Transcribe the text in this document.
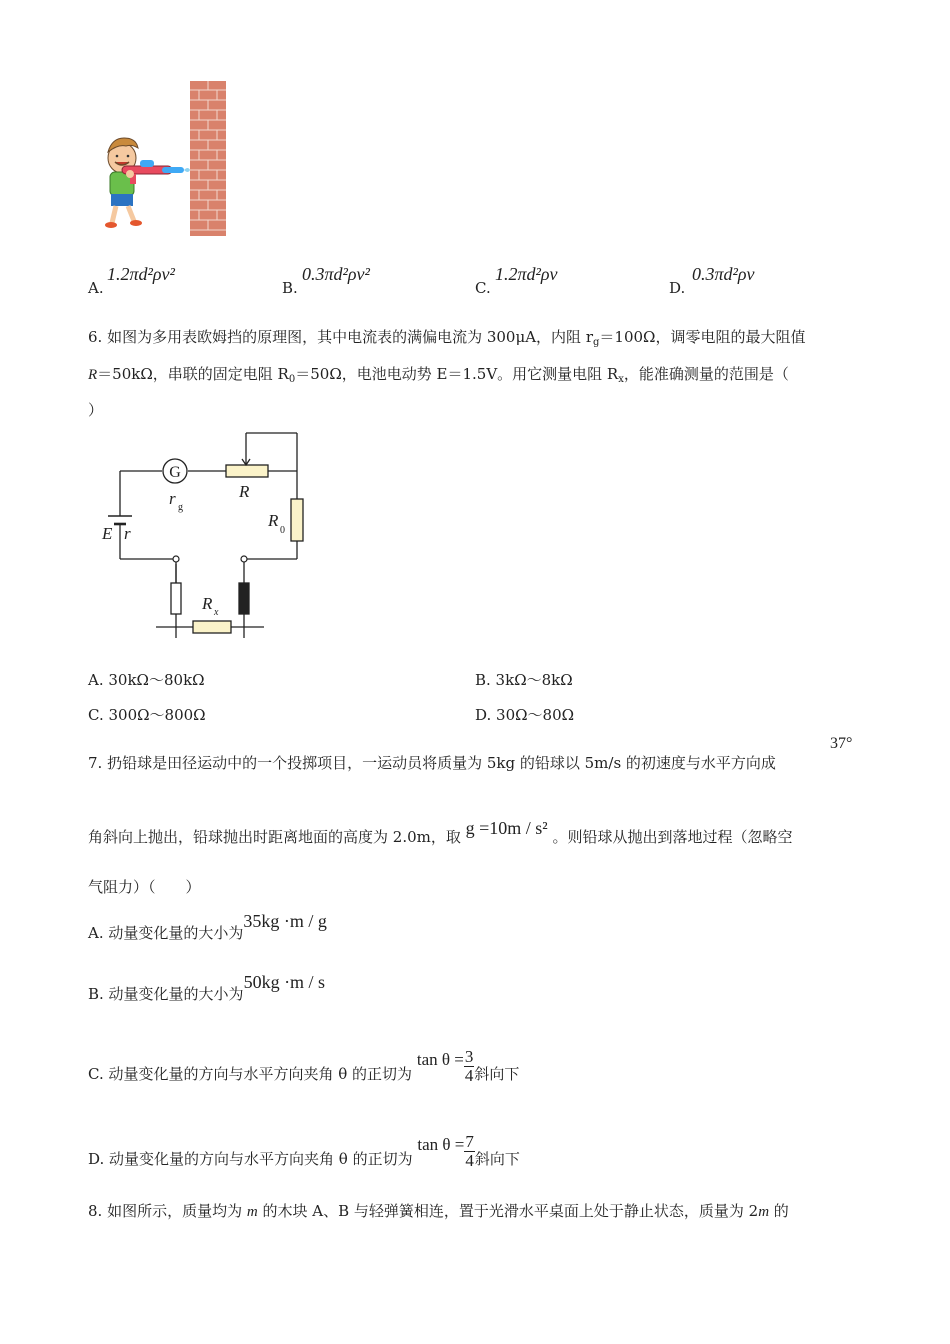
A.
1.2πd²ρv²
B.
0.3πd²ρv²
C.
1.2πd²ρv
D.
0.3πd²ρv
6. 如图为多用表欧姆挡的原理图，其中电流表的满偏电流为 300μA，内阻 $r_g=100\Omega$，调零电阻的最大阻值
R＝50kΩ，串联的固定电阻 $R_0=50\Omega$，电池电动势 E＝1.5V。用它测量电阻 $R_x$，能准确测量的范围是（
）
G
r g
R
R
0
E r
R x
A. 30kΩ～80kΩ	B. 3kΩ～8kΩ
C. 300Ω～800Ω	D. 30Ω～80Ω
7. 扔铅球是田径运动中的一个投掷项目，一运动员将质量为 5kg 的铅球以 5m/s 的初速度与水平方向成
37°
角斜向上抛出，铅球抛出时距离地面的高度为 2.0m，取 g =10m / s² 。则铅球从抛出到落地过程（忽略空
气阻力）（　　）
A. 动量变化量的大小为35kg ·m / g
B. 动量变化量的大小为50kg ·m / s
C. 动量变化量的方向与水平方向夹角 θ 的正切为 $\tan \theta = \frac{3}{4}$ 斜向下
D. 动量变化量的方向与水平方向夹角 θ 的正切为 $\tan \theta = \frac{7}{4}$ 斜向下
8. 如图所示，质量均为 m 的木块 A、B 与轻弹簧相连，置于光滑水平桌面上处于静止状态，质量为 2m 的
